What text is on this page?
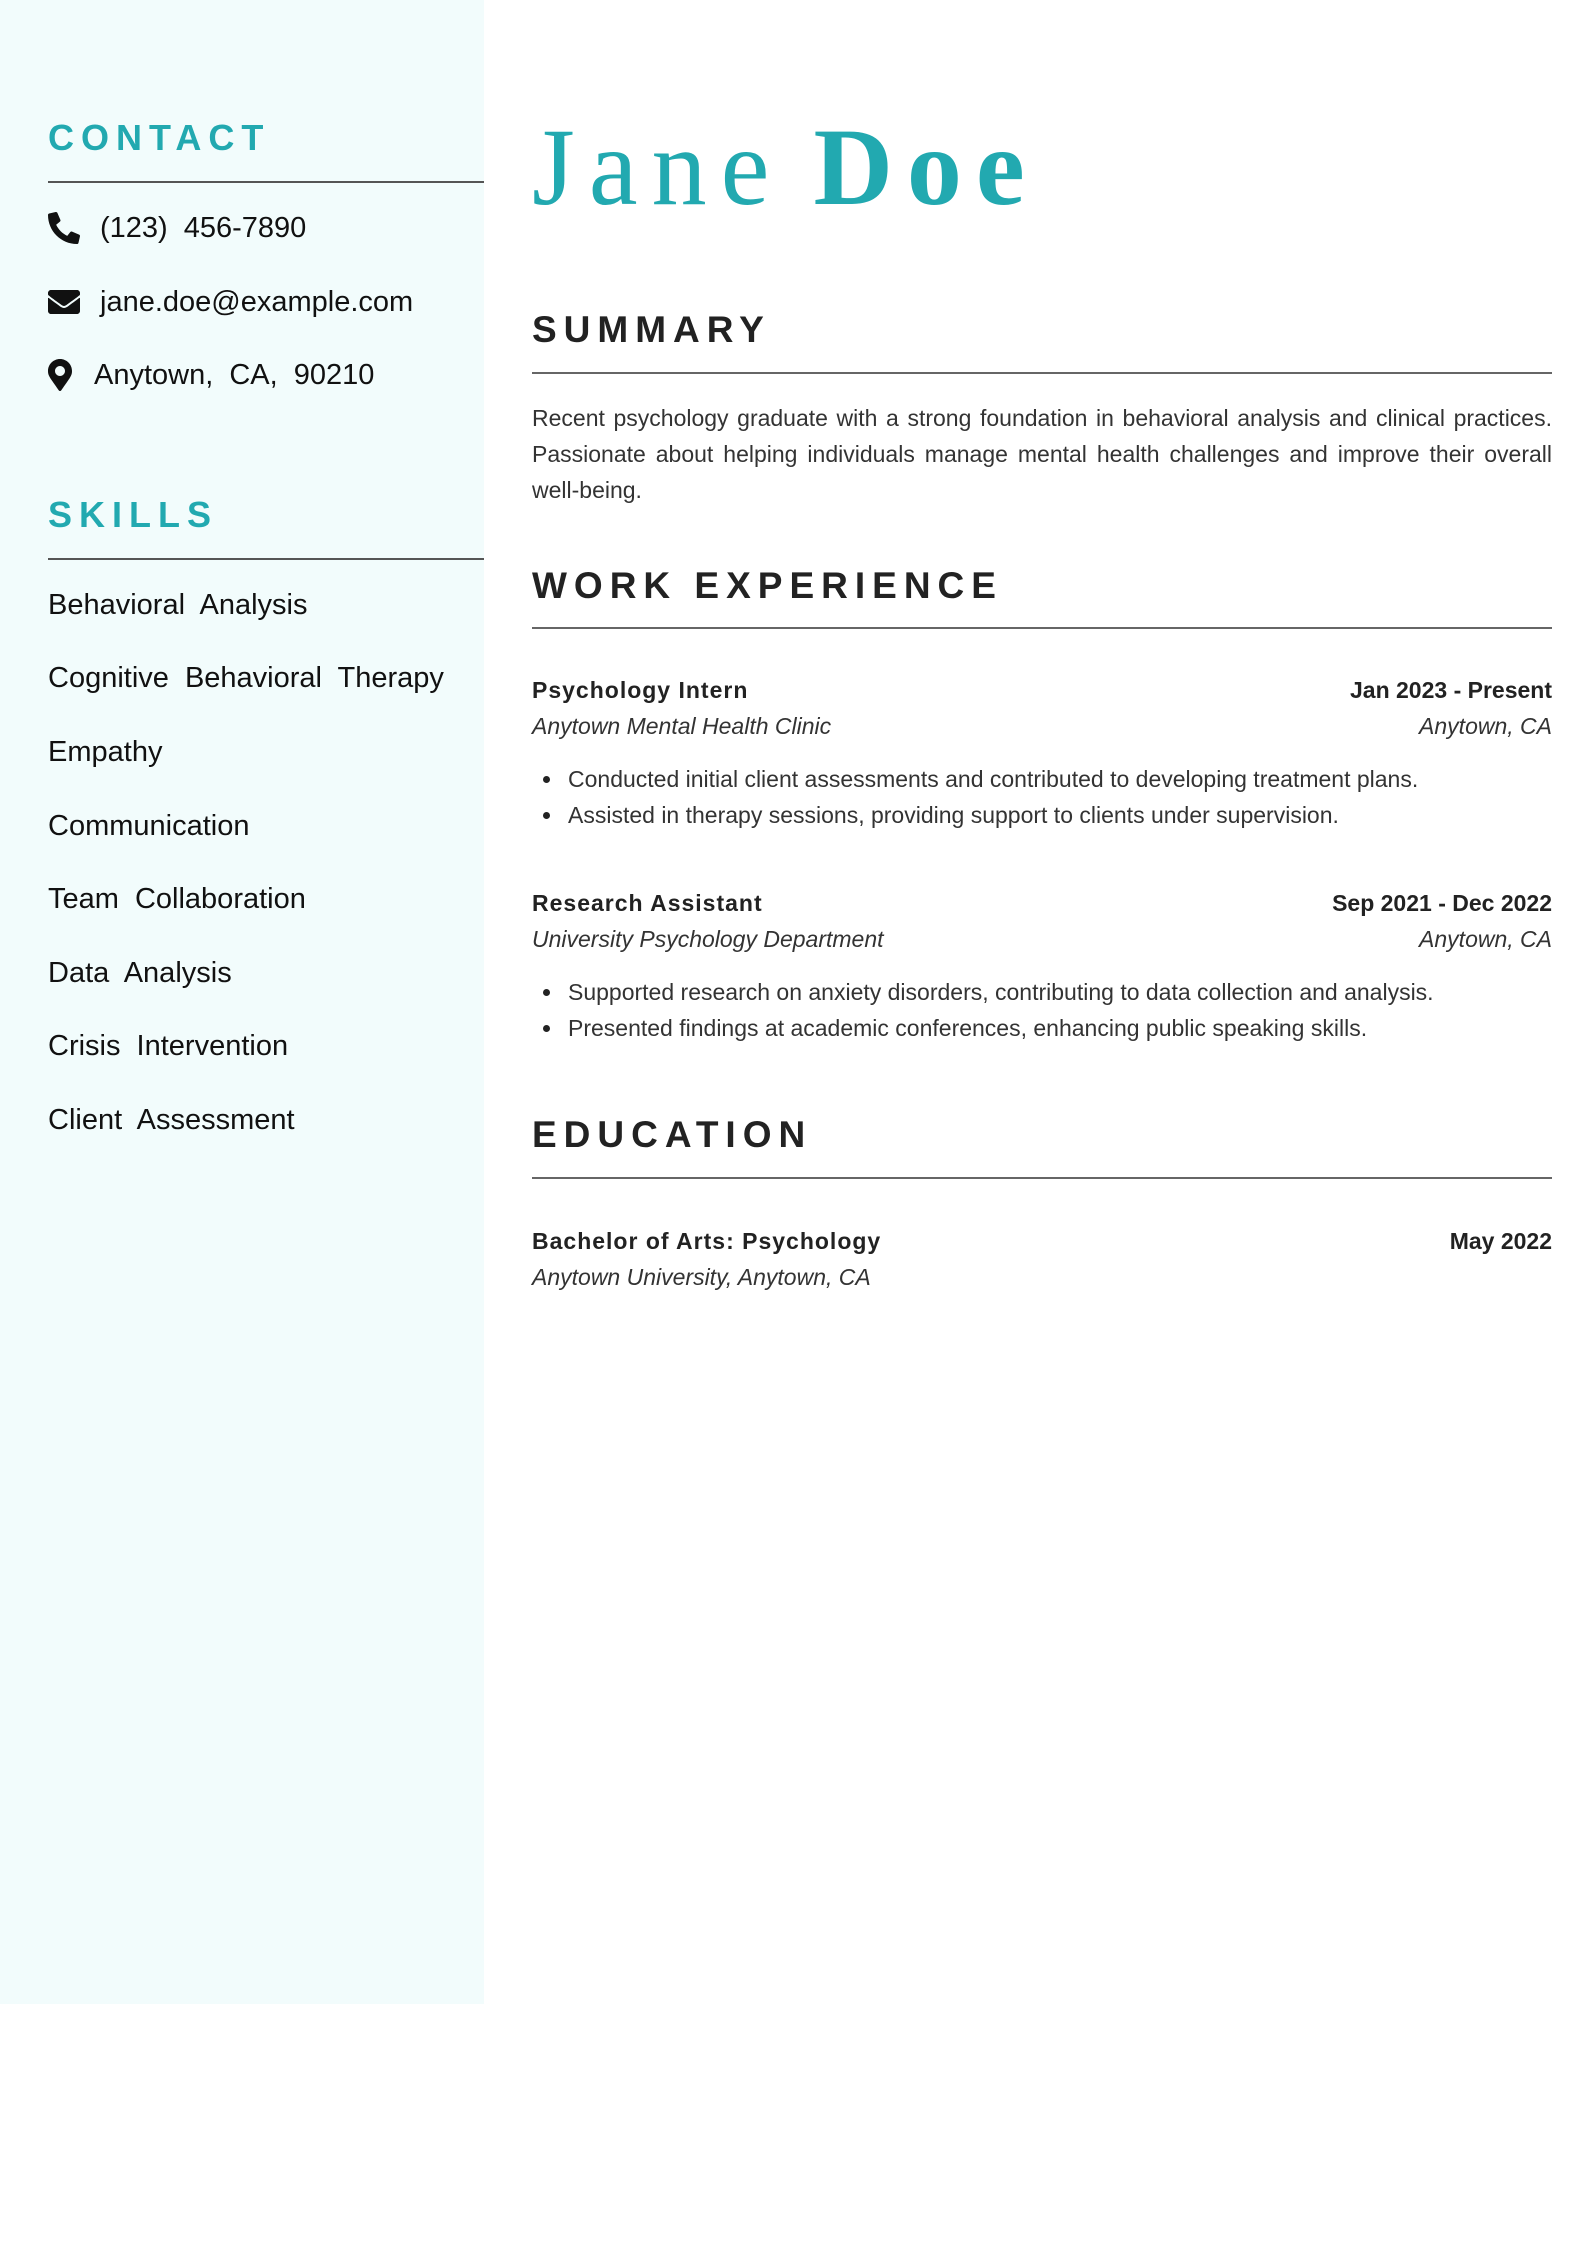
CONTACT
(123) 456-7890
jane.doe@example.com
Anytown, CA, 90210
SKILLS
Behavioral Analysis
Cognitive Behavioral Therapy
Empathy
Communication
Team Collaboration
Data Analysis
Crisis Intervention
Client Assessment
Jane Doe
SUMMARY

Recent psychology graduate with a strong foundation in behavioral analysis and clinical practices. Passionate about helping individuals manage mental health challenges and improve their overall well-being.

WORK EXPERIENCE
Psychology Intern	Jan 2023 - Present
Anytown Mental Health Clinic	Anytown, CA
Conducted initial client assessments and contributed to developing treatment plans.
Assisted in therapy sessions, providing support to clients under supervision.
Research Assistant	Sep 2021 - Dec 2022
University Psychology Department	Anytown, CA
Supported research on anxiety disorders, contributing to data collection and analysis.
Presented findings at academic conferences, enhancing public speaking skills.
EDUCATION
Bachelor of Arts: Psychology	May 2022
Anytown University, Anytown, CA
